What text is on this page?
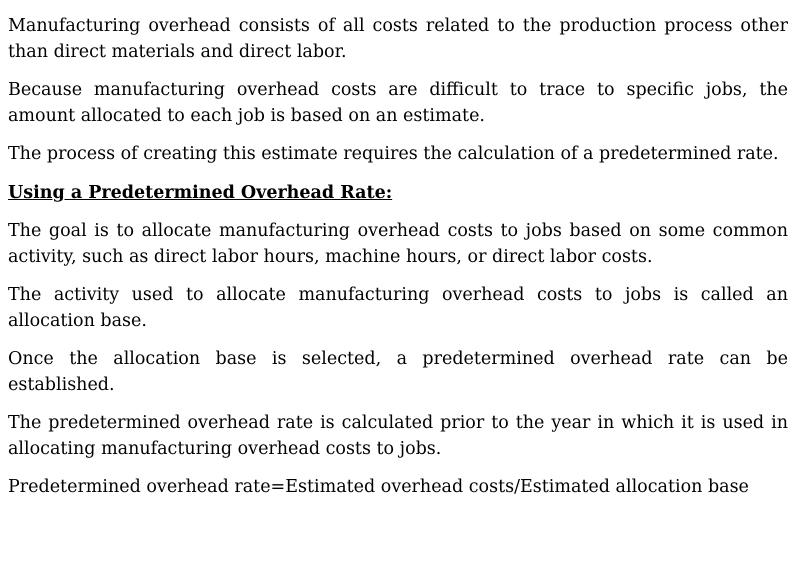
Manufacturing overhead consists of all costs related to the production process other than direct materials and direct labor.

Because manufacturing overhead costs are difficult to trace to specific jobs, the amount allocated to each job is based on an estimate.

The process of creating this estimate requires the calculation of a predetermined rate.

Using a Predetermined Overhead Rate:

The goal is to allocate manufacturing overhead costs to jobs based on some common activity, such as direct labor hours, machine hours, or direct labor costs.

The activity used to allocate manufacturing overhead costs to jobs is called an allocation base.

Once the allocation base is selected, a predetermined overhead rate can be established.

The predetermined overhead rate is calculated prior to the year in which it is used in allocating manufacturing overhead costs to jobs.

Predetermined overhead rate=Estimated overhead costs/Estimated allocation base
